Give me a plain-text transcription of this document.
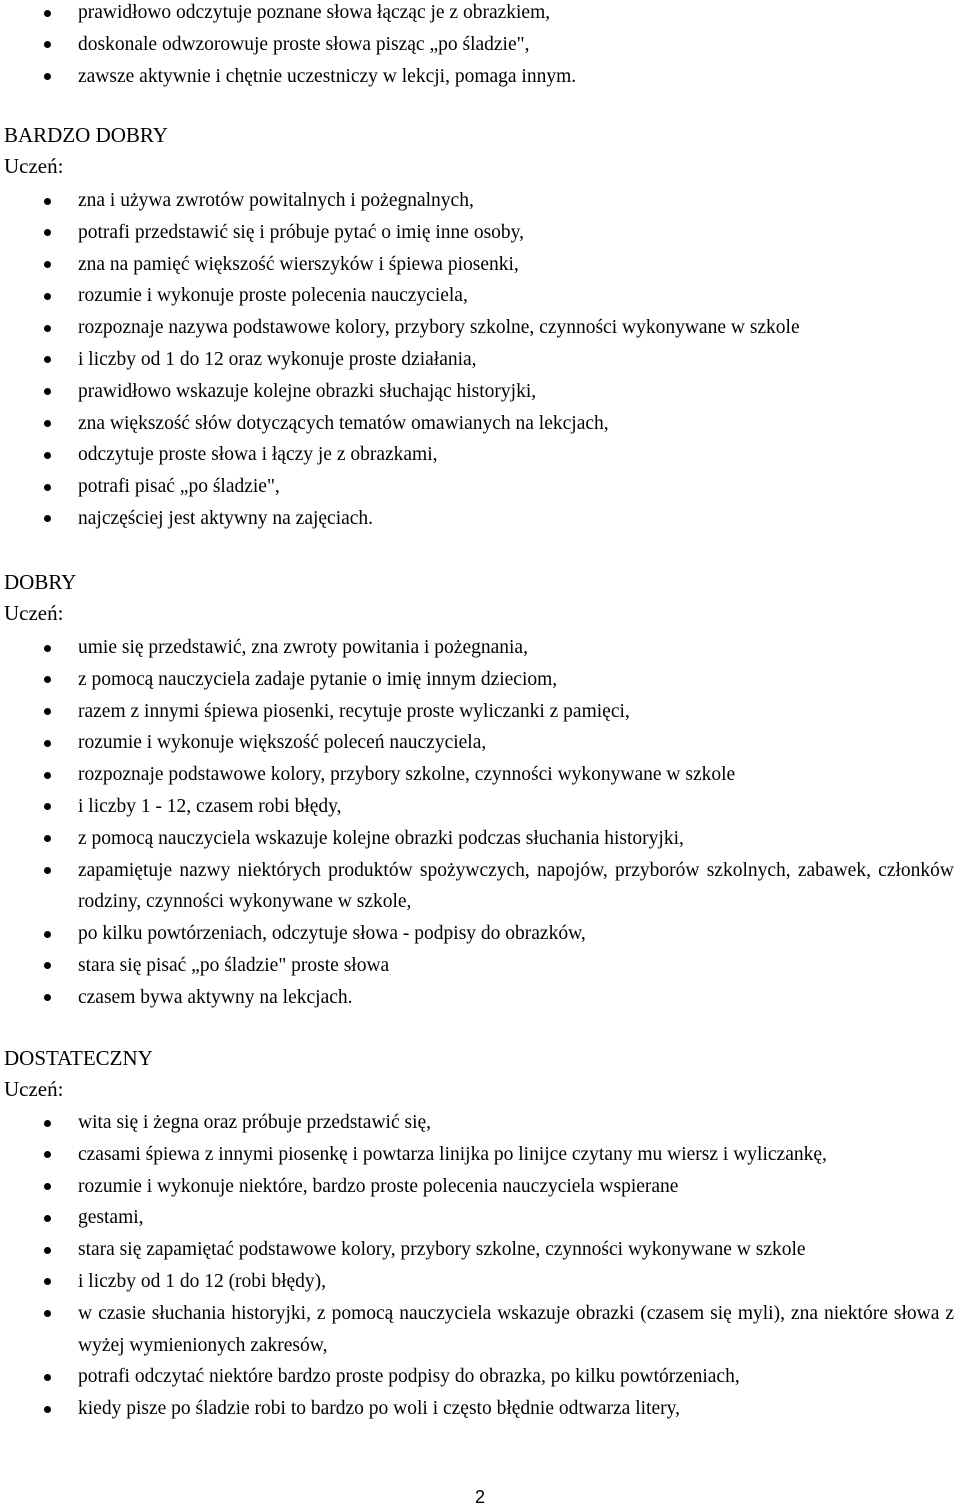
prawidłowo odczytuje poznane słowa łącząc je z obrazkiem,
doskonale odwzorowuje proste słowa pisząc „po śladzie",
zawsze aktywnie i chętnie uczestniczy w lekcji, pomaga innym.
BARDZO DOBRY
Uczeń:
zna i używa zwrotów powitalnych i pożegnalnych,
potrafi przedstawić się i próbuje pytać o imię inne osoby,
zna na pamięć większość wierszyków i śpiewa piosenki,
rozumie i wykonuje proste polecenia nauczyciela,
rozpoznaje nazywa podstawowe kolory, przybory szkolne, czynności wykonywane w szkole
i liczby od 1 do 12 oraz wykonuje proste działania,
prawidłowo wskazuje kolejne obrazki słuchając historyjki,
zna większość słów dotyczących tematów omawianych na lekcjach,
odczytuje proste słowa i łączy je z obrazkami,
potrafi pisać „po śladzie",
najczęściej jest aktywny na zajęciach.
DOBRY
Uczeń:
umie się przedstawić, zna zwroty powitania i pożegnania,
z pomocą nauczyciela zadaje pytanie o imię innym dzieciom,
razem z innymi śpiewa piosenki, recytuje proste wyliczanki z pamięci,
rozumie i wykonuje większość poleceń nauczyciela,
rozpoznaje podstawowe kolory, przybory szkolne, czynności wykonywane w szkole
i liczby 1 - 12, czasem robi błędy,
z pomocą nauczyciela wskazuje kolejne obrazki podczas słuchania historyjki,
zapamiętuje nazwy niektórych produktów spożywczych, napojów, przyborów szkolnych, zabawek, członków rodziny, czynności wykonywane w szkole,
po kilku powtórzeniach, odczytuje słowa - podpisy do obrazków,
stara się pisać „po śladzie" proste słowa
czasem bywa aktywny na lekcjach.
DOSTATECZNY
Uczeń:
wita się i żegna oraz próbuje przedstawić się,
czasami śpiewa z innymi piosenkę i powtarza linijka po linijce czytany mu wiersz i wyliczankę,
rozumie i wykonuje niektóre, bardzo proste polecenia nauczyciela wspierane
gestami,
stara się zapamiętać podstawowe kolory, przybory szkolne, czynności wykonywane w szkole
i liczby od 1 do 12 (robi błędy),
w czasie słuchania historyjki, z pomocą nauczyciela wskazuje obrazki (czasem się myli), zna niektóre słowa z wyżej wymienionych zakresów,
potrafi odczytać niektóre bardzo proste podpisy do obrazka, po kilku powtórzeniach,
kiedy pisze po śladzie robi to bardzo po woli i często błędnie odtwarza litery,
2
